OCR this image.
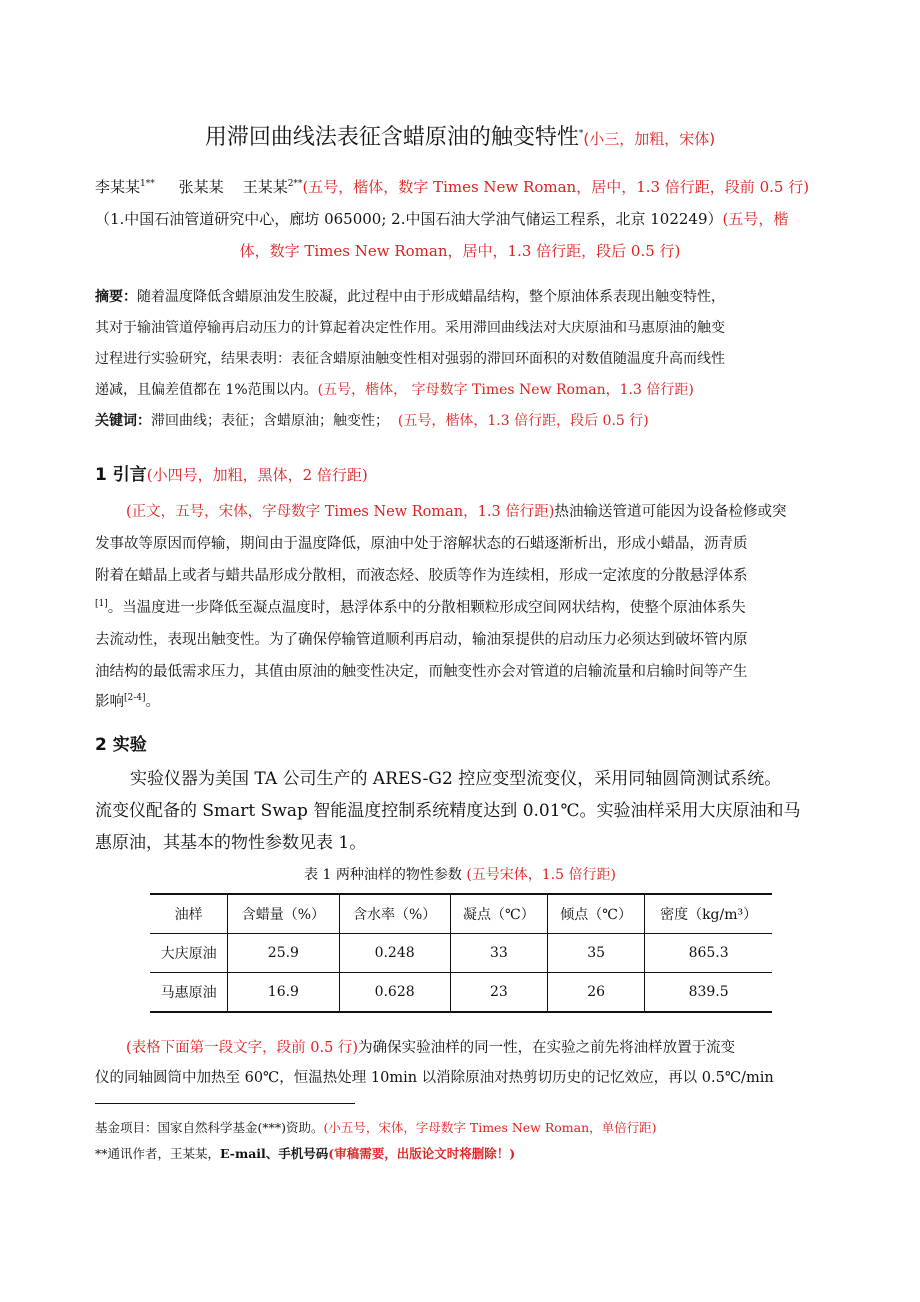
用滞回曲线法表征含蜡原油的触变特性*(小三，加粗，宋体)
李某某$^{1**}$ 张某某 王某某$^{2**}$(五号，楷体，数字 Times New Roman，居中，1.3 倍行距，段前 0.5 行)
（1.中国石油管道研究中心，廊坊 065000; 2.中国石油大学油气储运工程系，北京 102249）(五号，楷
体，数字 Times New Roman，居中，1.3 倍行距，段后 0.5 行)
摘要：随着温度降低含蜡原油发生胶凝，此过程中由于形成蜡晶结构，整个原油体系表现出触变特性，
其对于输油管道停输再启动压力的计算起着决定性作用。采用滞回曲线法对大庆原油和马惠原油的触变
过程进行实验研究，结果表明：表征含蜡原油触变性相对强弱的滞回环面积的对数值随温度升高而线性
递减，且偏差值都在 1%范围以内。(五号，楷体， 字母数字 Times New Roman，1.3 倍行距)
关键词：滞回曲线；表征；含蜡原油；触变性； (五号，楷体，1.3 倍行距，段后 0.5 行)
1 引言(小四号，加粗，黑体，2 倍行距)
(正文，五号，宋体，字母数字 Times New Roman，1.3 倍行距)热油输送管道可能因为设备检修或突
发事故等原因而停输，期间由于温度降低，原油中处于溶解状态的石蜡逐渐析出，形成小蜡晶，沥青质
附着在蜡晶上或者与蜡共晶形成分散相，而液态烃、胶质等作为连续相，形成一定浓度的分散悬浮体系
[1]。当温度进一步降低至凝点温度时，悬浮体系中的分散相颗粒形成空间网状结构，使整个原油体系失
去流动性，表现出触变性。为了确保停输管道顺利再启动，输油泵提供的启动压力必须达到破坏管内原
油结构的最低需求压力，其值由原油的触变性决定，而触变性亦会对管道的启输流量和启输时间等产生
影响[2-4]。
2 实验
实验仪器为美国 TA 公司生产的 ARES-G2 控应变型流变仪，采用同轴圆筒测试系统。
流变仪配备的 Smart Swap 智能温度控制系统精度达到 0.01℃。实验油样采用大庆原油和马
惠原油，其基本的物性参数见表 1。
表 1 两种油样的物性参数 (五号宋体，1.5 倍行距)
油样	含蜡量（%）	含水率（%）	凝点（℃）	倾点（℃）	密度（kg/m³）
大庆原油	25.9	0.248	33	35	865.3
马惠原油	16.9	0.628	23	26	839.5
(表格下面第一段文字，段前 0.5 行)为确保实验油样的同一性，在实验之前先将油样放置于流变
仪的同轴圆筒中加热至 60℃，恒温热处理 10min 以消除原油对热剪切历史的记忆效应，再以 0.5℃/min
基金项目：国家自然科学基金(***)资助。(小五号，宋体，字母数字 Times New Roman，单倍行距)
**通讯作者，王某某，E-mail、手机号码(审稿需要，出版论文时将删除！)
